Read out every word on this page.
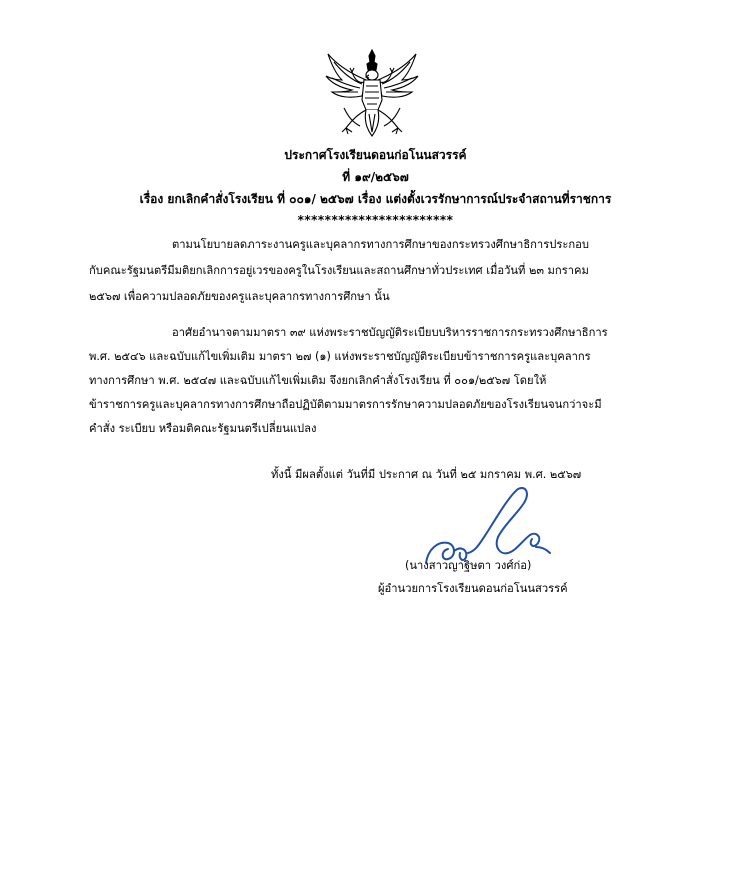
ประกาศโรงเรียนดอนก่อโนนสวรรค์
ที่ ๑๙/๒๕๖๗
เรื่อง ยกเลิกคำสั่งโรงเรียน ที่ ๐๐๑/ ๒๕๖๗ เรื่อง แต่งตั้งเวรรักษาการณ์ประจำสถานที่ราชการ
***********************
ตามนโยบายลดภาระงานครูและบุคลากรทางการศึกษาของกระทรวงศึกษาธิการประกอบ
กับคณะรัฐมนตรีมีมติยกเลิกการอยู่เวรของครูในโรงเรียนและสถานศึกษาทั่วประเทศ เมื่อวันที่ ๒๓ มกราคม
๒๕๖๗ เพื่อความปลอดภัยของครูและบุคลากรทางการศึกษา นั้น
อาศัยอำนาจตามมาตรา ๓๙ แห่งพระราชบัญญัติระเบียบบริหารราชการกระทรวงศึกษาธิการ
พ.ศ. ๒๕๔๖ และฉบับแก้ไขเพิ่มเติม มาตรา ๒๗ (๑) แห่งพระราชบัญญัติระเบียบข้าราชการครูและบุคลากร
ทางการศึกษา พ.ศ. ๒๕๔๗ และฉบับแก้ไขเพิ่มเติม จึงยกเลิกคำสั่งโรงเรียน ที่ ๐๐๑/๒๕๖๗ โดยให้
ข้าราชการครูและบุคลากรทางการศึกษาถือปฏิบัติตามมาตรการรักษาความปลอดภัยของโรงเรียนจนกว่าจะมี
คำสั่ง ระเบียบ หรือมติคณะรัฐมนตรีเปลี่ยนแปลง
ทั้งนี้ มีผลตั้งแต่ วันที่มี ประกาศ ณ วันที่ ๒๕ มกราคม พ.ศ. ๒๕๖๗
(นางสาวญาฐิษตา วงศ์ก่อ)
ผู้อำนวยการโรงเรียนดอนก่อโนนสวรรค์
